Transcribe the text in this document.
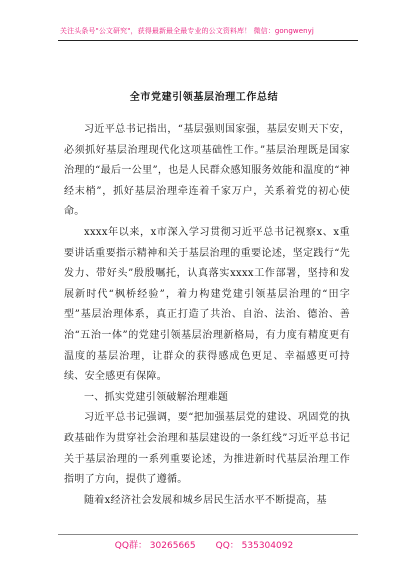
关注头条号"公文研究"，获得最新最全最专业的公文资料库！ 微信：gongwenyj
全市党建引领基层治理工作总结

习近平总书记指出，“基层强则国家强，基层安则天下安，必须抓好基层治理现代化这项基础性工作。”基层治理既是国家治理的“最后一公里”，也是人民群众感知服务效能和温度的“神经末梢”，抓好基层治理牵连着千家万户，关系着党的初心使命。

xxxx年以来，x市深入学习贯彻习近平总书记视察x、x重要讲话重要指示精神和关于基层治理的重要论述，坚定践行“先发力、带好头”殷殷嘱托，认真落实xxxx工作部署，坚持和发展新时代“枫桥经验”，着力构建党建引领基层治理的“田字型”基层治理体系，真正打造了共治、自治、法治、德治、善治“五治一体”的党建引领基层治理新格局，有力度有精度更有温度的基层治理，让群众的获得感成色更足、幸福感更可持续、安全感更有保障。

一、抓实党建引领破解治理难题

习近平总书记强调，要“把加强基层党的建设、巩固党的执政基础作为贯穿社会治理和基层建设的一条红线”习近平总书记关于基层治理的一系列重要论述，为推进新时代基层治理工作指明了方向，提供了遵循。

随着x经济社会发展和城乡居民生活水平不断提高，基

QQ群： 30265665 QQ： 535304092
